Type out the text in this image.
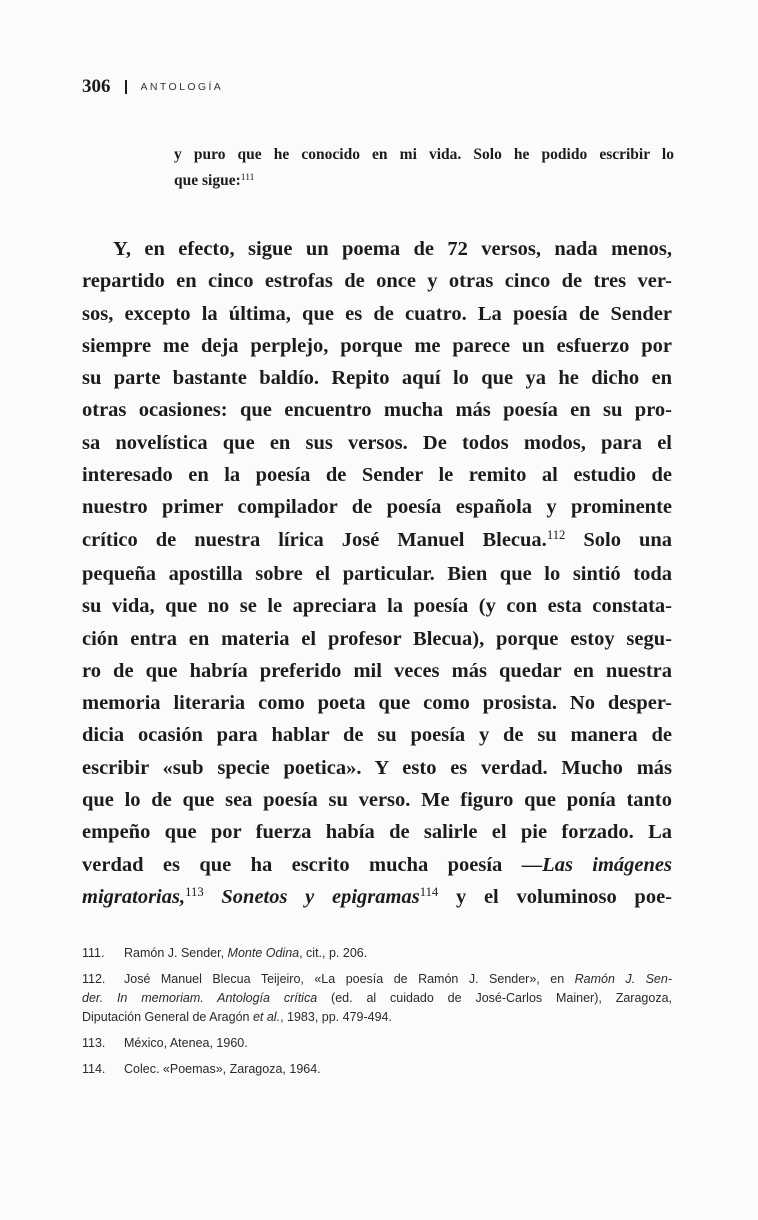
306	ANTOLOGÍA
y puro que he conocido en mi vida. Solo he podido escribir lo
que sigue:$^{111}$
Y, en efecto, sigue un poema de 72 versos, nada menos,
repartido en cinco estrofas de once y otras cinco de tres ver-
sos, excepto la última, que es de cuatro. La poesía de Sender
siempre me deja perplejo, porque me parece un esfuerzo por
su parte bastante baldío. Repito aquí lo que ya he dicho en
otras ocasiones: que encuentro mucha más poesía en su pro-
sa novelística que en sus versos. De todos modos, para el
interesado en la poesía de Sender le remito al estudio de
nuestro primer compilador de poesía española y prominente
crítico de nuestra lírica José Manuel Blecua.$^{112}$ Solo una
pequeña apostilla sobre el particular. Bien que lo sintió toda
su vida, que no se le apreciara la poesía (y con esta constata-
ción entra en materia el profesor Blecua), porque estoy segu-
ro de que habría preferido mil veces más quedar en nuestra
memoria literaria como poeta que como prosista. No desper-
dicia ocasión para hablar de su poesía y de su manera de
escribir «sub specie poetica». Y esto es verdad. Mucho más
que lo de que sea poesía su verso. Me figuro que ponía tanto
empeño que por fuerza había de salirle el pie forzado. La
verdad es que ha escrito mucha poesía —Las imágenes
migratorias,$^{113}$ Sonetos y epigramas$^{114}$ y el voluminoso poe-
111. Ramón J. Sender, Monte Odina, cit., p. 206.
112. José Manuel Blecua Teijeiro, «La poesía de Ramón J. Sender», en Ramón J. Sen-
der. In memoriam. Antología crítica (ed. al cuidado de José-Carlos Mainer), Zaragoza,
Diputación General de Aragón et al., 1983, pp. 479-494.
113. México, Atenea, 1960.
114. Colec. «Poemas», Zaragoza, 1964.
